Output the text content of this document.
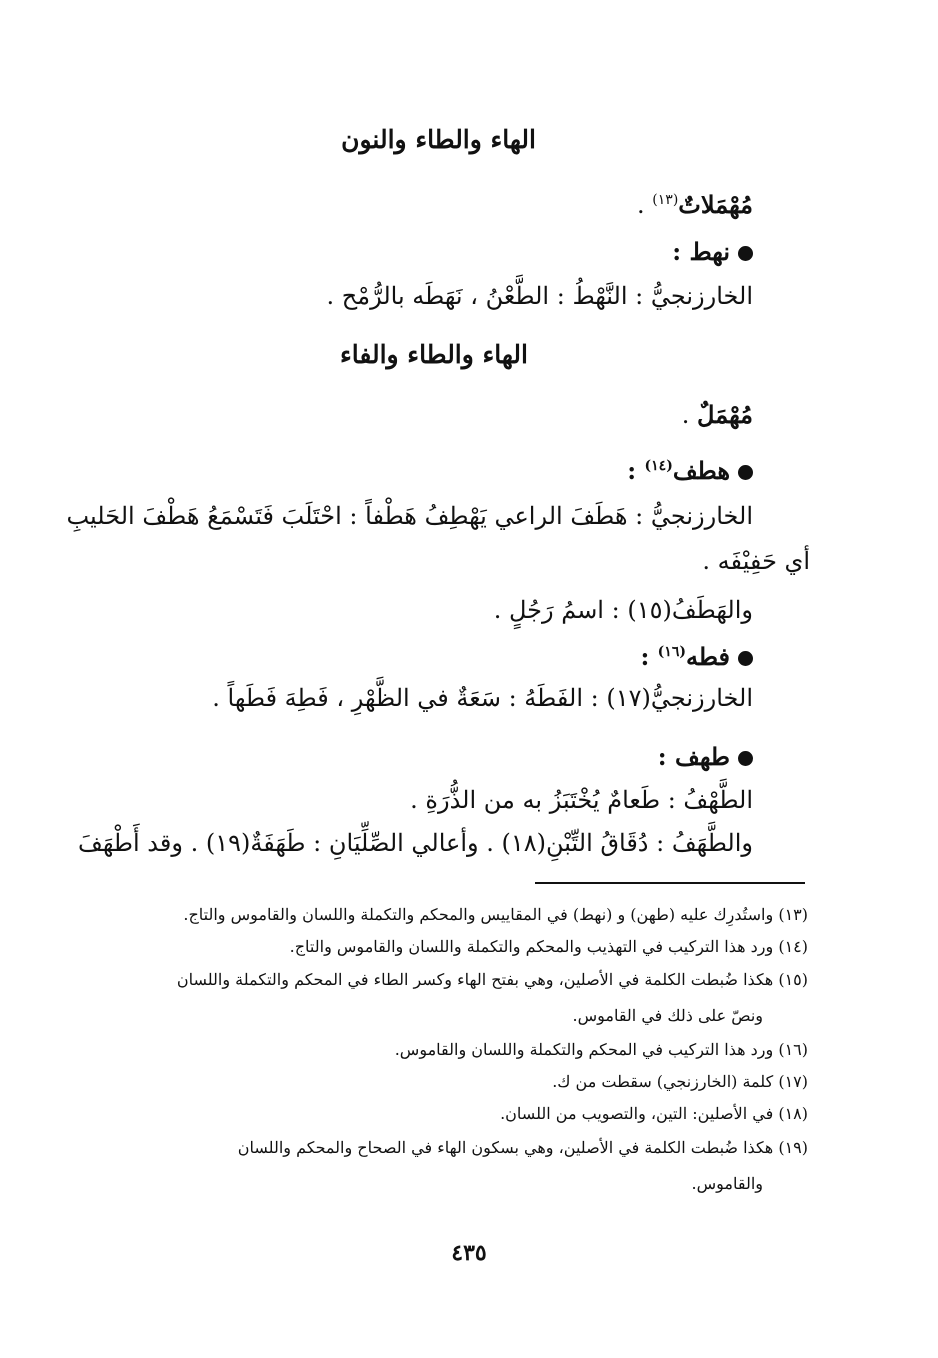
الهاء والطاء والنون
مُهْمَلاتٌ$^{(١٣)}$ .
نهط :
الخارزنجيُّ : النَّهْطُ : الطَّعْنُ ، نَهَطَه بالرُّمْح .
الهاء والطاء والفاء
مُهْمَلٌ .
هطف$^{(١٤)}$ :
الخارزنجيُّ : هَطَفَ الراعي يَهْطِفُ هَطْفاً : احْتَلَبَ فَتَسْمَعُ هَطْفَ الحَليبِ
أي حَفِيْفَه .
والهَطَفُ(١٥) : اسمُ رَجُلٍ .
فطه$^{(١٦)}$ :
الخارزنجيُّ(١٧) : الفَطَهُ : سَعَةٌ في الظَّهْرِ ، فَطِهَ فَطَهاً .
طهف :
الطَّهْفُ : طَعامٌ يُخْتَبَزُ به من الذُّرَةِ .
والطَّهَفُ : دُقَاقُ التِّبْنِ(١٨) . وأعالي الصِّلِّيَانِ : طَهَفَةٌ(١٩) . وقد أَطْهَفَ
(١٣) واستُدرِك عليه (طهن) و (نهط) في المقاييس والمحكم والتكملة واللسان والقاموس والتاج.
(١٤) ورد هذا التركيب في التهذيب والمحكم والتكملة واللسان والقاموس والتاج.
(١٥) هكذا ضُبطت الكلمة في الأصلين، وهي بفتح الهاء وكسر الطاء في المحكم والتكملة واللسان
ونصّ على ذلك في القاموس.
(١٦) ورد هذا التركيب في المحكم والتكملة واللسان والقاموس.
(١٧) كلمة (الخارزنجي) سقطت من ك.
(١٨) في الأصلين: التين، والتصويب من اللسان.
(١٩) هكذا ضُبطت الكلمة في الأصلين، وهي بسكون الهاء في الصحاح والمحكم واللسان
والقاموس.
٤٣٥
